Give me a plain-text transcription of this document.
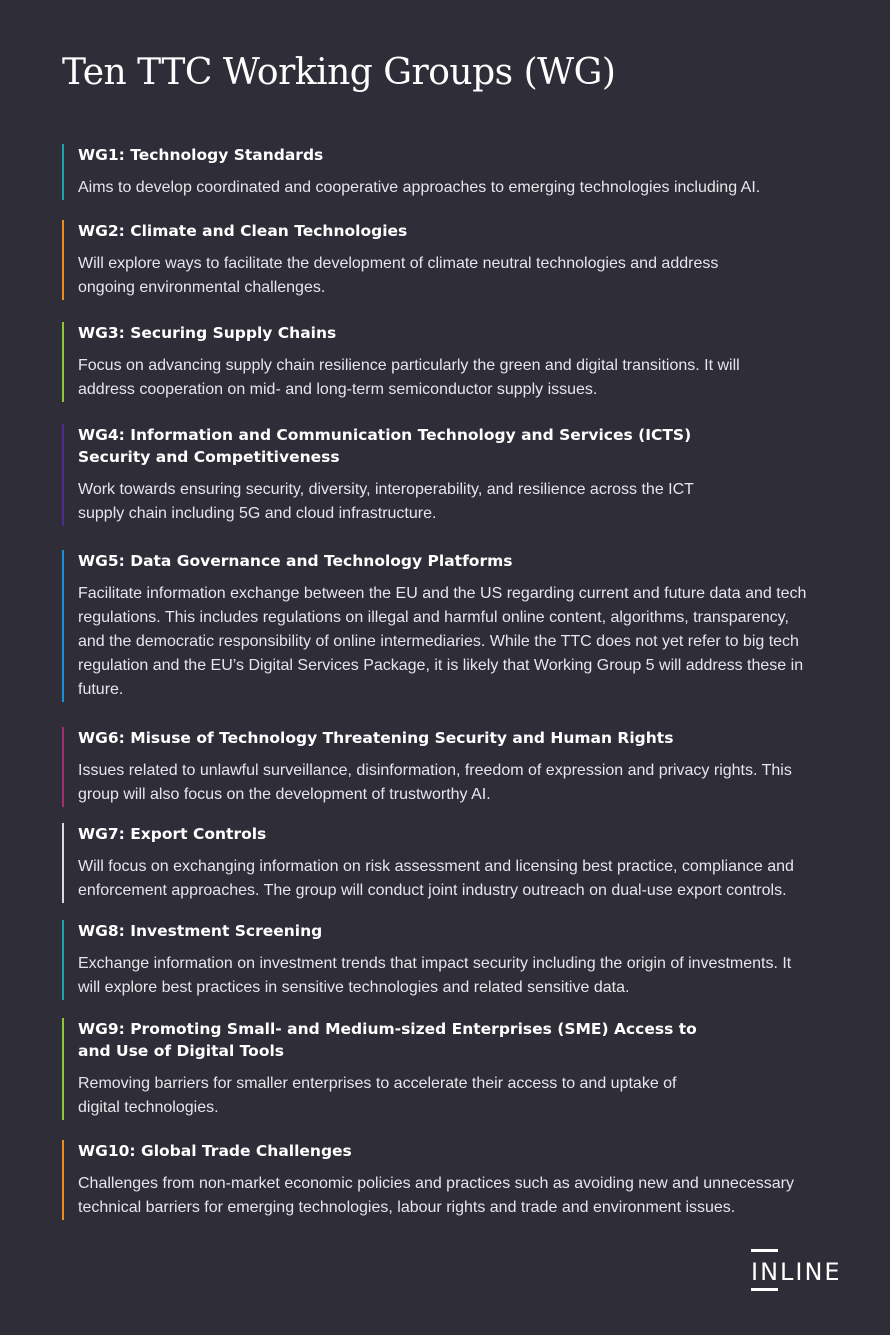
Ten TTC Working Groups (WG)
WG1: Technology Standards

Aims to develop coordinated and cooperative approaches to emerging technologies including AI.

WG2: Climate and Clean Technologies

Will explore ways to facilitate the development of climate neutral technologies and address ongoing environmental challenges.

WG3: Securing Supply Chains

Focus on advancing supply chain resilience particularly the green and digital transitions. It will address cooperation on mid- and long-term semiconductor supply issues.

WG4: Information and Communication Technology and Services (ICTS) Security and Competitiveness

Work towards ensuring security, diversity, interoperability, and resilience across the ICT supply chain including 5G and cloud infrastructure.

WG5: Data Governance and Technology Platforms

Facilitate information exchange between the EU and the US regarding current and future data and tech regulations. This includes regulations on illegal and harmful online content, algorithms, transparency, and the democratic responsibility of online intermediaries. While the TTC does not yet refer to big tech regulation and the EU’s Digital Services Package, it is likely that Working Group 5 will address these in future.

WG6: Misuse of Technology Threatening Security and Human Rights

Issues related to unlawful surveillance, disinformation, freedom of expression and privacy rights. This group will also focus on the development of trustworthy AI.

WG7: Export Controls

Will focus on exchanging information on risk assessment and licensing best practice, compliance and enforcement approaches. The group will conduct joint industry outreach on dual-use export controls.

WG8: Investment Screening

Exchange information on investment trends that impact security including the origin of investments. It will explore best practices in sensitive technologies and related sensitive data.

WG9: Promoting Small- and Medium-sized Enterprises (SME) Access to and Use of Digital Tools

Removing barriers for smaller enterprises to accelerate their access to and uptake of digital technologies.

WG10: Global Trade Challenges

Challenges from non-market economic policies and practices such as avoiding new and unnecessary technical barriers for emerging technologies, labour rights and trade and environment issues.

INLINE
